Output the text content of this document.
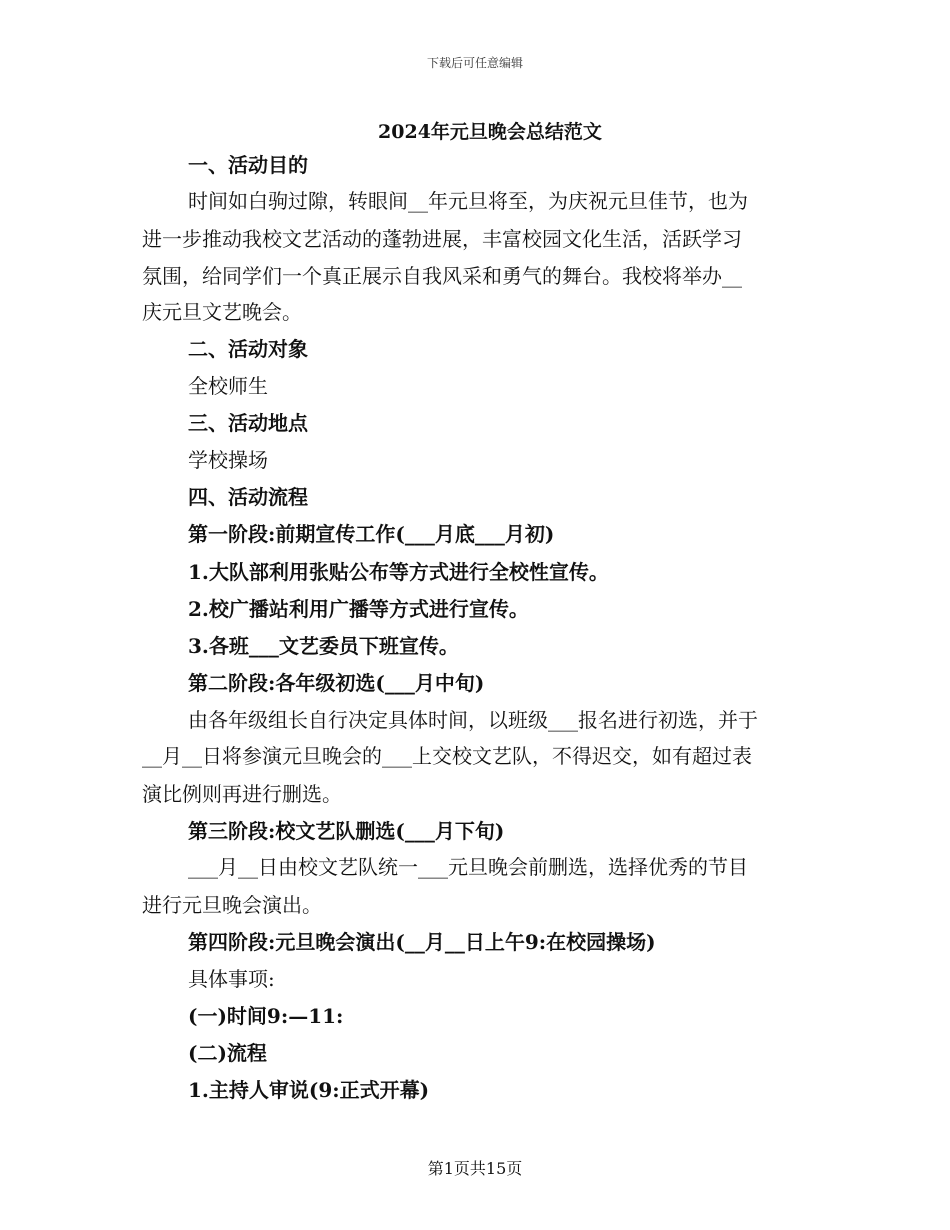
下载后可任意编辑
2024年元旦晚会总结范文
一、活动目的
时间如白驹过隙，转眼间__年元旦将至，为庆祝元旦佳节，也为
进一步推动我校文艺活动的蓬勃进展，丰富校园文化生活，活跃学习
氛围，给同学们一个真正展示自我风采和勇气的舞台。我校将举办__
庆元旦文艺晚会。
二、活动对象
全校师生
三、活动地点
学校操场
四、活动流程
第一阶段:前期宣传工作(___月底___月初)
1.大队部利用张贴公布等方式进行全校性宣传。
2.校广播站利用广播等方式进行宣传。
3.各班___文艺委员下班宣传。
第二阶段:各年级初选(___月中旬)
由各年级组长自行决定具体时间，以班级___报名进行初选，并于
__月__日将参演元旦晚会的___上交校文艺队，不得迟交，如有超过表
演比例则再进行删选。
第三阶段:校文艺队删选(___月下旬)
___月__日由校文艺队统一___元旦晚会前删选，选择优秀的节目
进行元旦晚会演出。
第四阶段:元旦晚会演出(__月__日上午9:在校园操场)
具体事项:
(一)时间9:—11:
(二)流程
1.主持人审说(9:正式开幕)
第1页共15页
